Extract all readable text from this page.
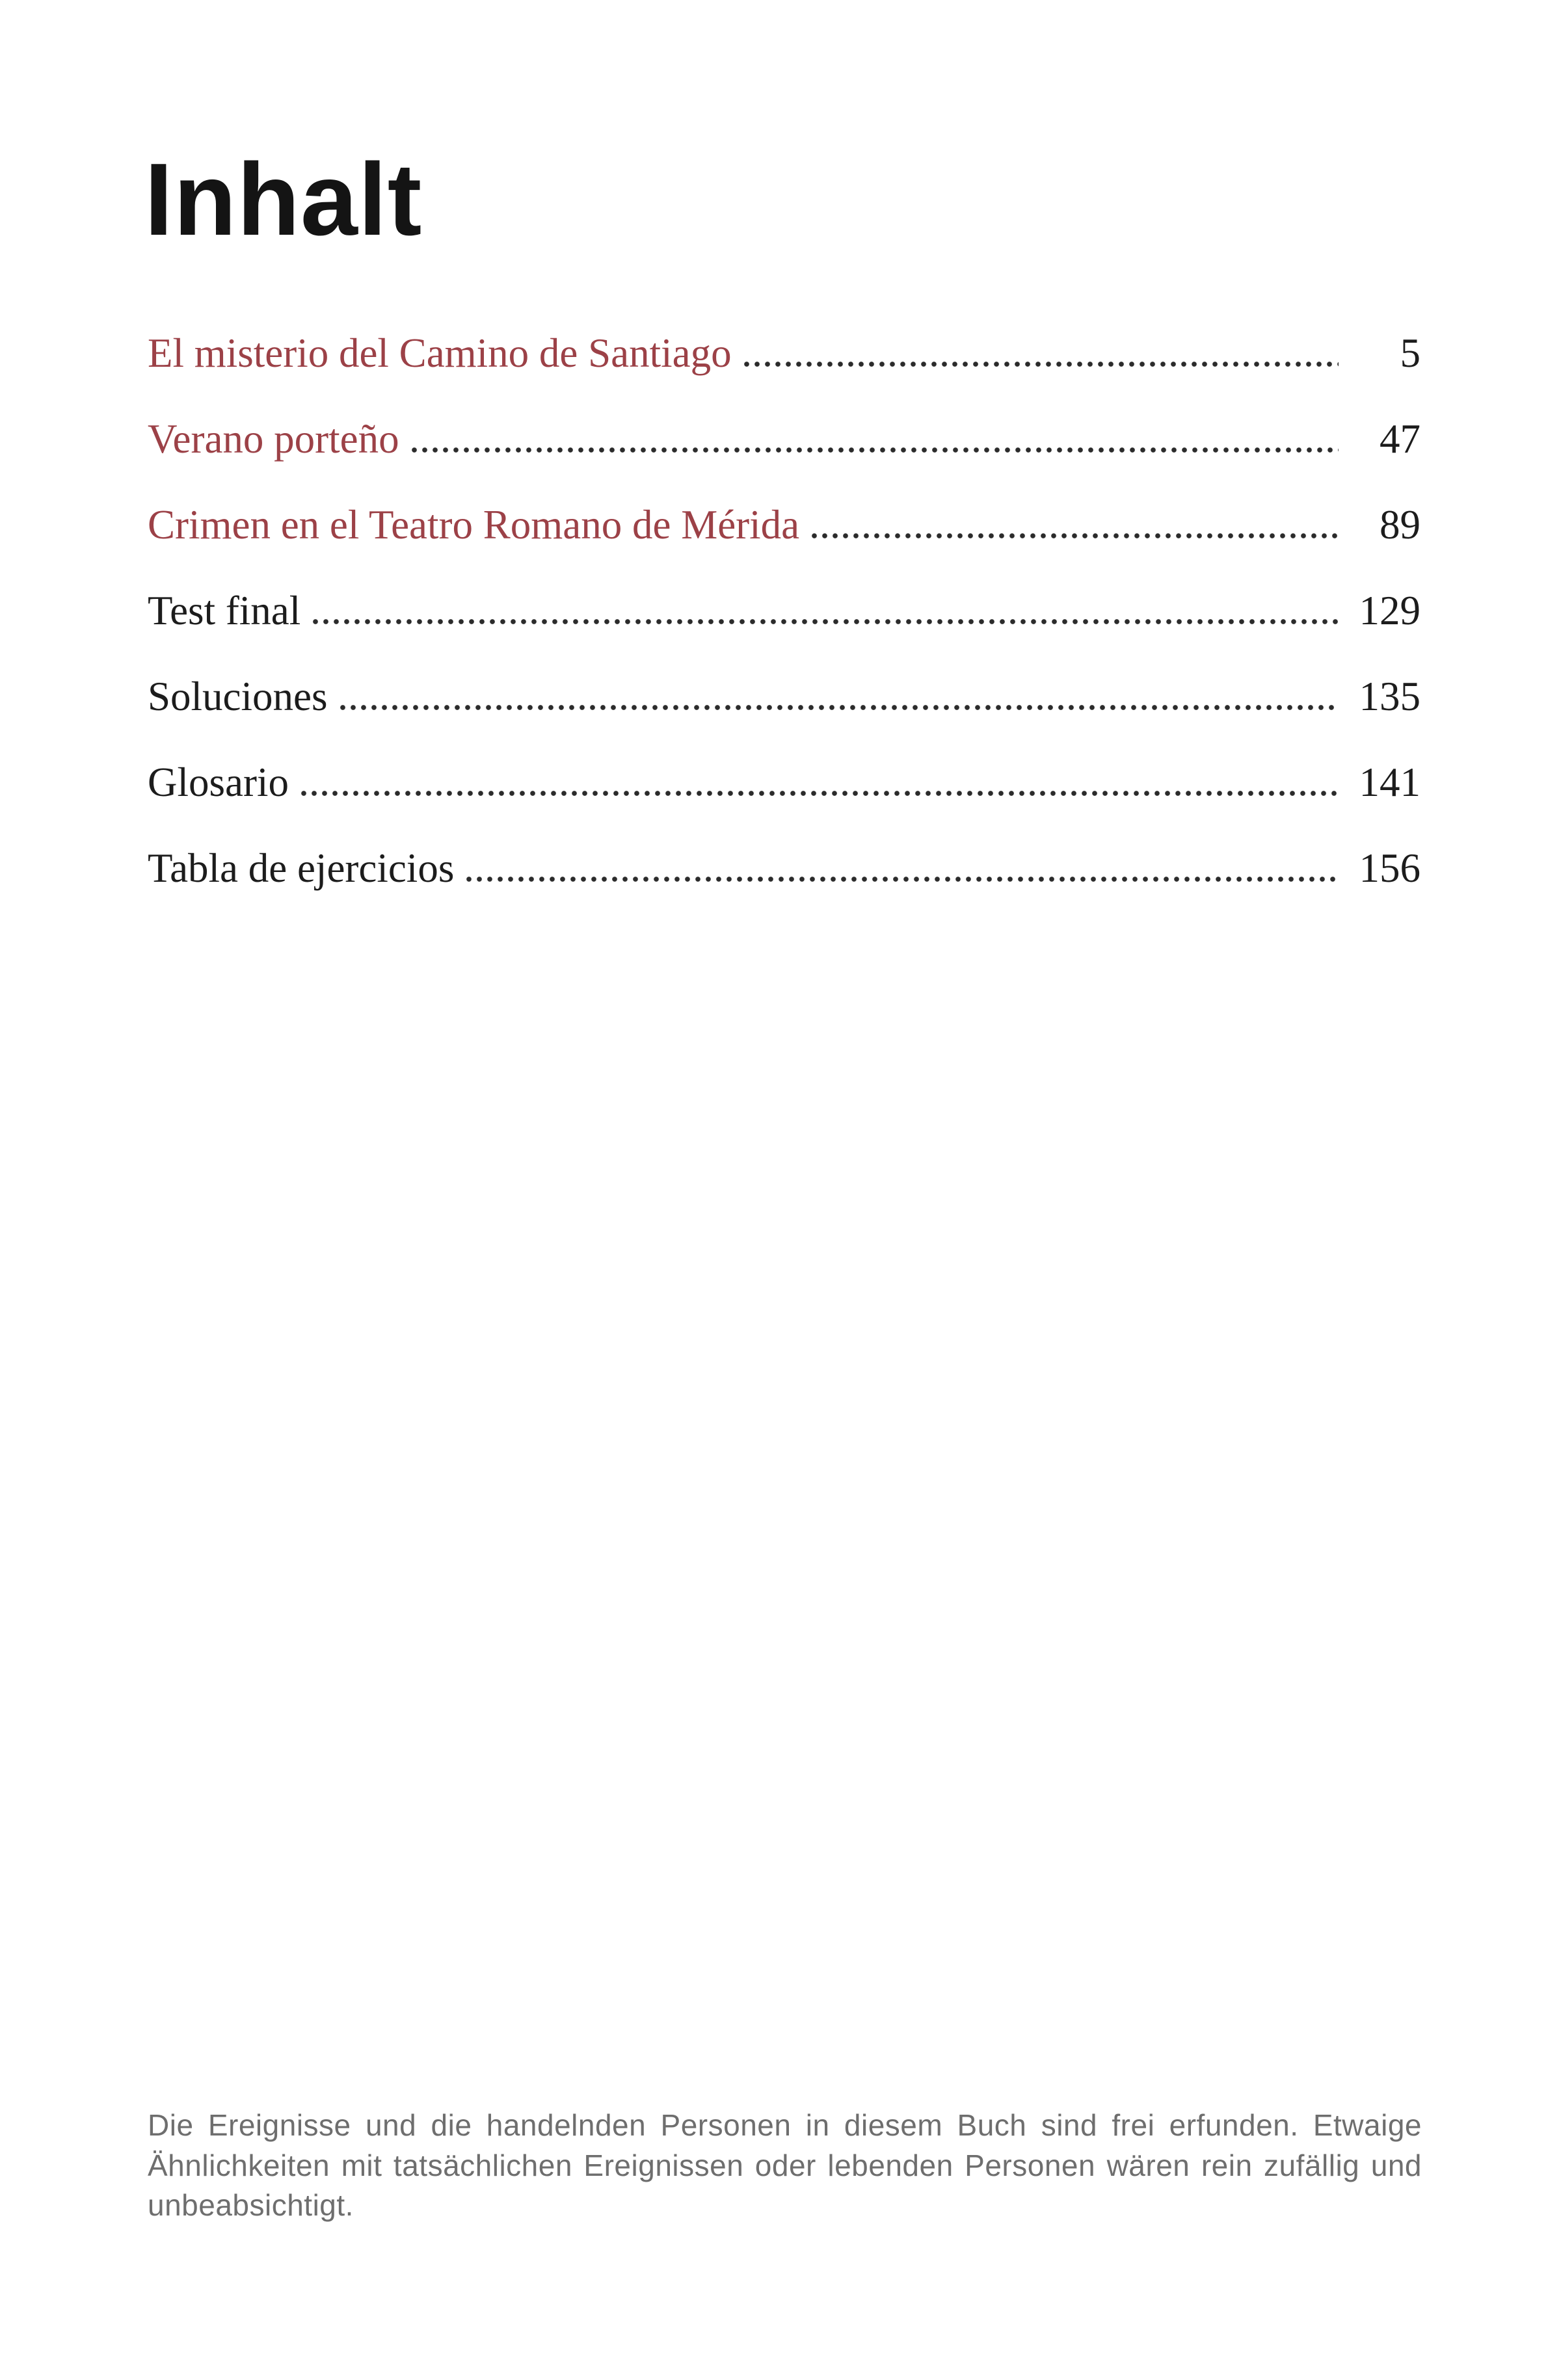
Inhalt
El misterio del Camino de Santiago	5
Verano porteño	47
Crimen en el Teatro Romano de Mérida	89
Test final	129
Soluciones	135
Glosario	141
Tabla de ejercicios	156

Die Ereignisse und die handelnden Personen in diesem Buch sind frei erfunden. Etwaige Ähnlichkeiten mit tatsächlichen Ereignissen oder lebenden Personen wären rein zufällig und unbeabsichtigt.
